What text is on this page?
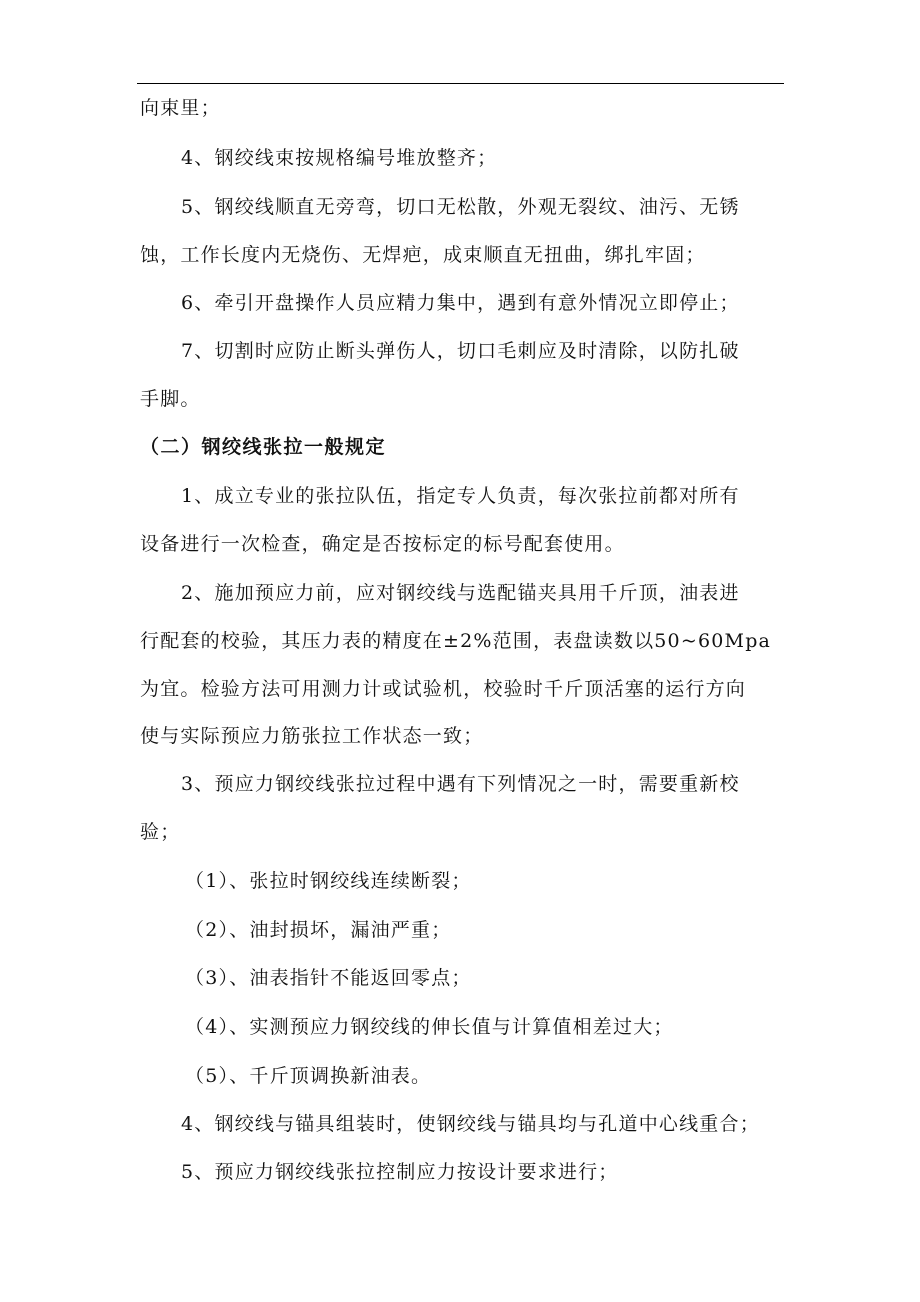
向束里；
4、钢绞线束按规格编号堆放整齐；
5、钢绞线顺直无旁弯，切口无松散，外观无裂纹、油污、无锈
蚀，工作长度内无烧伤、无焊疤，成束顺直无扭曲，绑扎牢固；
6、牵引开盘操作人员应精力集中，遇到有意外情况立即停止；
7、切割时应防止断头弹伤人，切口毛刺应及时清除，以防扎破
手脚。
（二）钢绞线张拉一般规定
1、成立专业的张拉队伍，指定专人负责，每次张拉前都对所有
设备进行一次检查，确定是否按标定的标号配套使用。
2、施加预应力前，应对钢绞线与选配锚夹具用千斤顶，油表进
行配套的校验，其压力表的精度在±2%范围，表盘读数以50~60Mpa
为宜。检验方法可用测力计或试验机，校验时千斤顶活塞的运行方向
使与实际预应力筋张拉工作状态一致；
3、预应力钢绞线张拉过程中遇有下列情况之一时，需要重新校
验；
（1）、张拉时钢绞线连续断裂；
（2）、油封损坏，漏油严重；
（3）、油表指针不能返回零点；
（4）、实测预应力钢绞线的伸长值与计算值相差过大；
（5）、千斤顶调换新油表。
4、钢绞线与锚具组装时，使钢绞线与锚具均与孔道中心线重合；
5、预应力钢绞线张拉控制应力按设计要求进行；
